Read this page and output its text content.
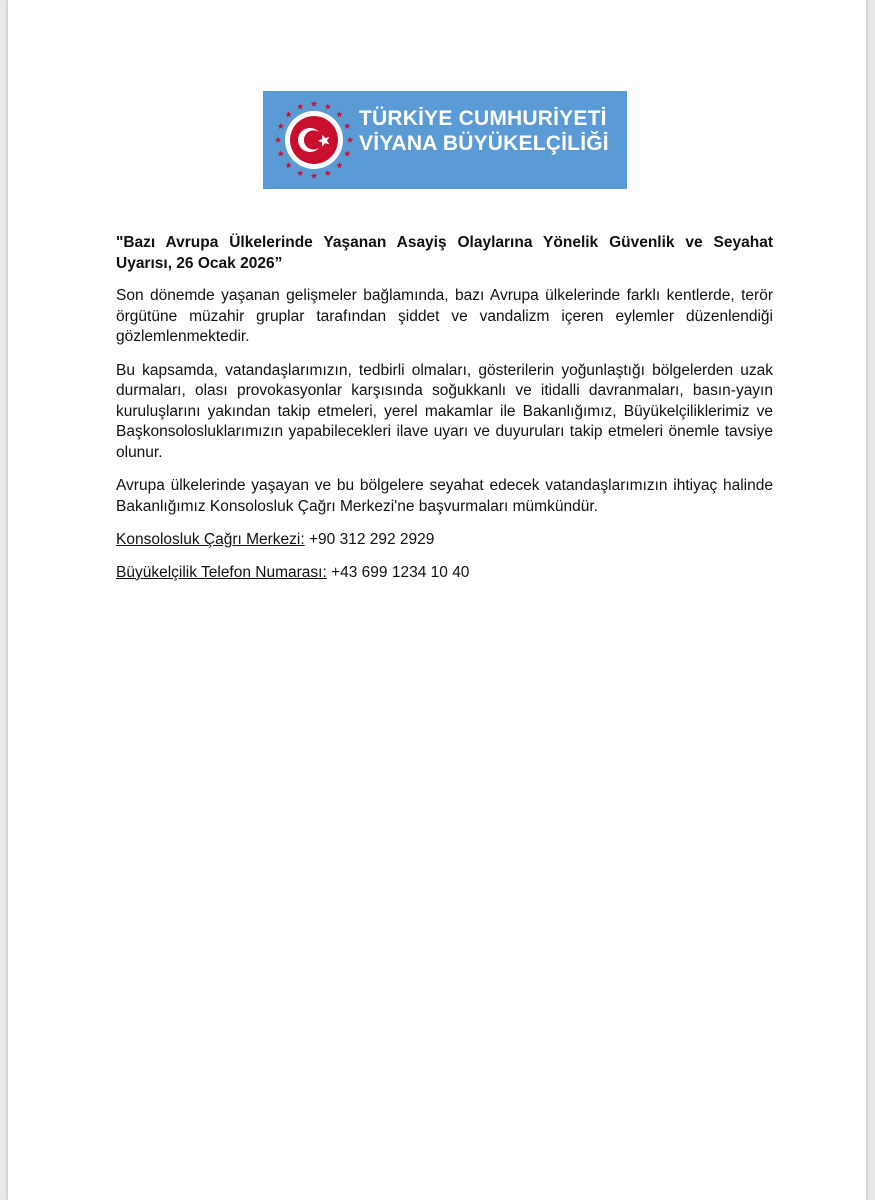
TÜRKİYE CUMHURİYETİ
VİYANA BÜYÜKELÇİLİĞİ

"Bazı Avrupa Ülkelerinde Yaşanan Asayiş Olaylarına Yönelik Güvenlik ve Seyahat Uyarısı, 26 Ocak 2026”

Son dönemde yaşanan gelişmeler bağlamında, bazı Avrupa ülkelerinde farklı kentlerde, terör örgütüne müzahir gruplar tarafından şiddet ve vandalizm içeren eylemler düzenlendiği gözlemlenmektedir.

Bu kapsamda, vatandaşlarımızın, tedbirli olmaları, gösterilerin yoğunlaştığı bölgelerden uzak durmaları, olası provokasyonlar karşısında soğukkanlı ve itidalli davranmaları, basın-yayın kuruluşlarını yakından takip etmeleri, yerel makamlar ile Bakanlığımız, Büyükelçiliklerimiz ve Başkonsolosluklarımızın yapabilecekleri ilave uyarı ve duyuruları takip etmeleri önemle tavsiye olunur.

Avrupa ülkelerinde yaşayan ve bu bölgelere seyahat edecek vatandaşlarımızın ihtiyaç halinde Bakanlığımız Konsolosluk Çağrı Merkezi'ne başvurmaları mümkündür.

Konsolosluk Çağrı Merkezi: +90 312 292 2929

Büyükelçilik Telefon Numarası: +43 699 1234 10 40
